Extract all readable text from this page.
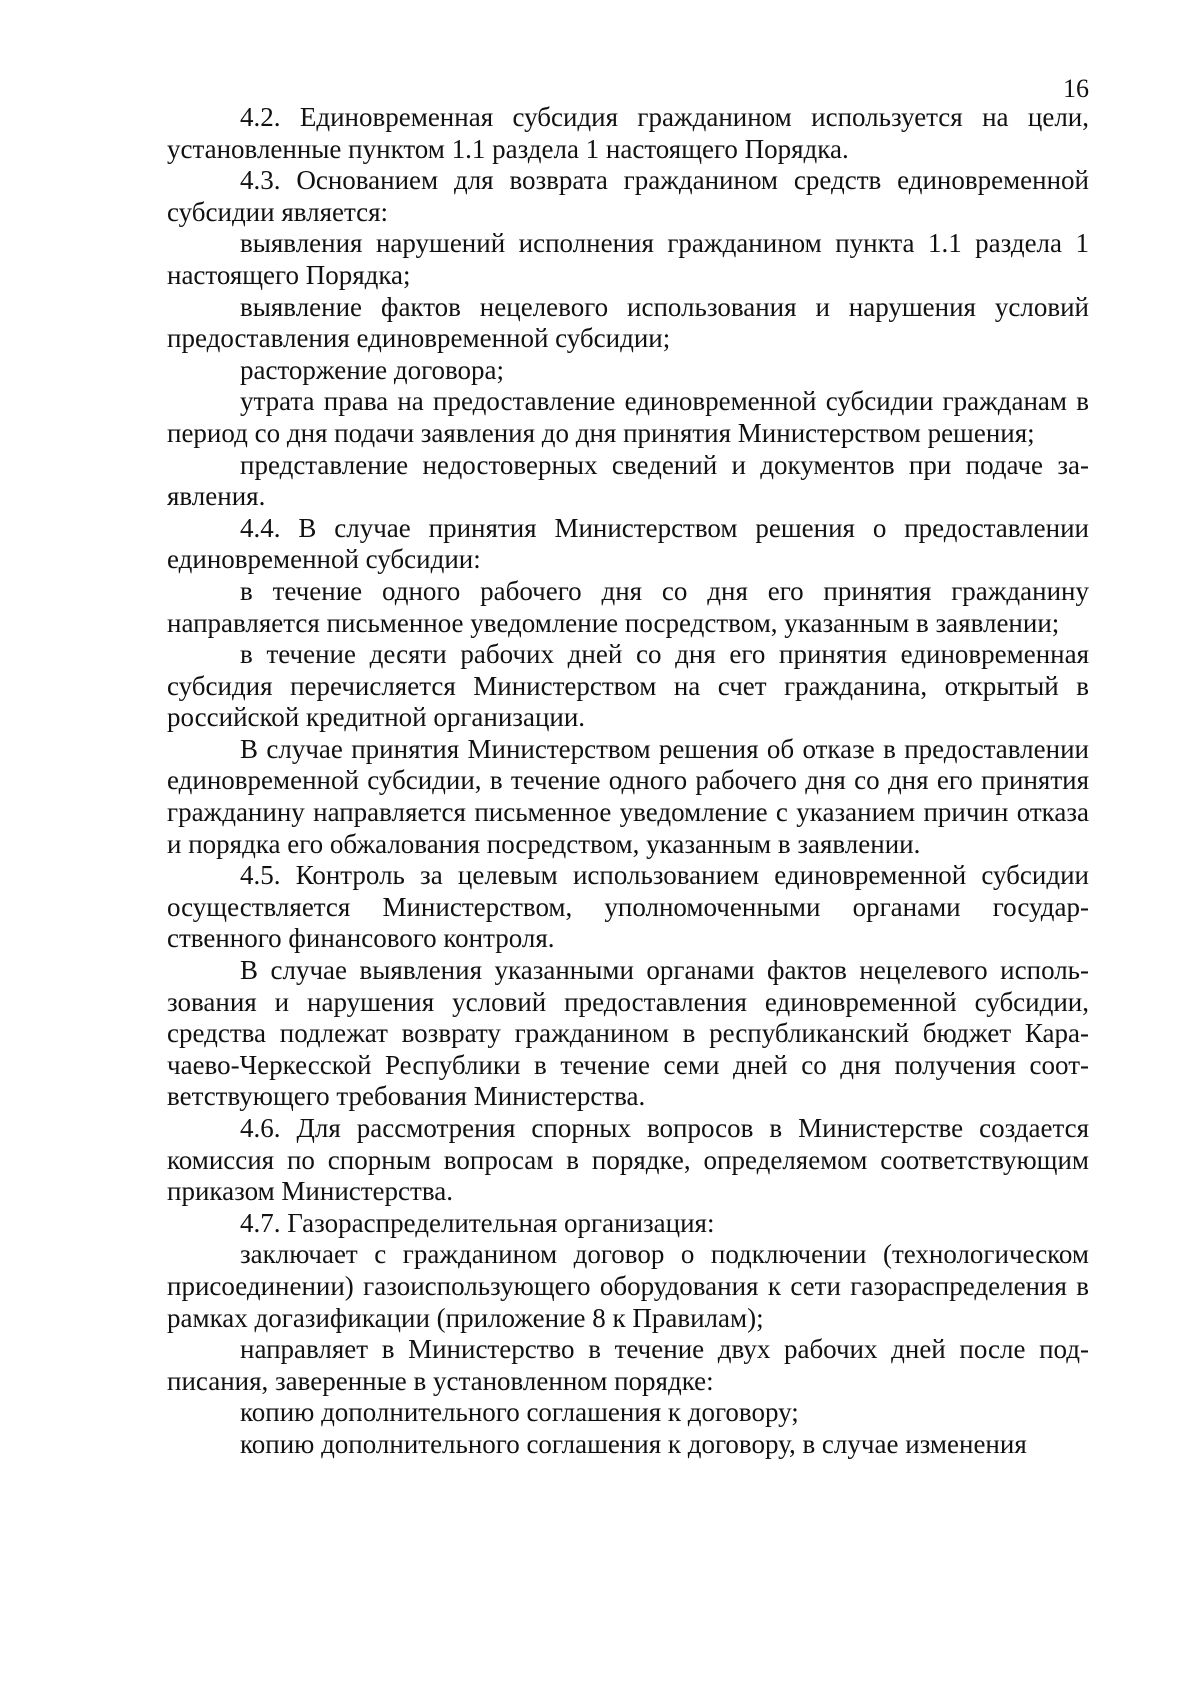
16

4.2. Единовременная субсидия гражданином используется на цели, установленные пунктом 1.1 раздела 1 настоящего Порядка.

4.3. Основанием для возврата гражданином средств единовременной субсидии является:

выявления нарушений исполнения гражданином пункта 1.1 раздела 1 настоящего Порядка;

выявление фактов нецелевого использования и нарушения условий предоставления единовременной субсидии;

расторжение договора;

утрата права на предоставление единовременной субсидии гражданам в период со дня подачи заявления до дня принятия Министерством решения;

представление недостоверных сведений и документов при подаче заявления.

4.4. В случае принятия Министерством решения о предоставлении единовременной субсидии:

в течение одного рабочего дня со дня его принятия гражданину направляется письменное уведомление посредством, указанным в заявлении;

в течение десяти рабочих дней со дня его принятия единовременная субсидия перечисляется Министерством на счет гражданина, открытый в российской кредитной организации.

В случае принятия Министерством решения об отказе в предоставлении единовременной субсидии, в течение одного рабочего дня со дня его принятия гражданину направляется письменное уведомление с указанием причин отказа и порядка его обжалования посредством, указанным в заявлении.

4.5. Контроль за целевым использованием единовременной субсидии осуществляется Министерством, уполномоченными органами государственного финансового контроля.

В случае выявления указанными органами фактов нецелевого использования и нарушения условий предоставления единовременной субсидии, средства подлежат возврату гражданином в республиканский бюджет Карачаево-Черкесской Республики в течение семи дней со дня получения соответствующего требования Министерства.

4.6. Для рассмотрения спорных вопросов в Министерстве создается комиссия по спорным вопросам в порядке, определяемом соответствующим приказом Министерства.

4.7. Газораспределительная организация:

заключает с гражданином договор о подключении (технологическом присоединении) газоиспользующего оборудования к сети газораспределения в рамках догазификации (приложение 8 к Правилам);

направляет в Министерство в течение двух рабочих дней после подписания, заверенные в установленном порядке:

копию дополнительного соглашения к договору;

копию дополнительного соглашения к договору, в случае изменения
